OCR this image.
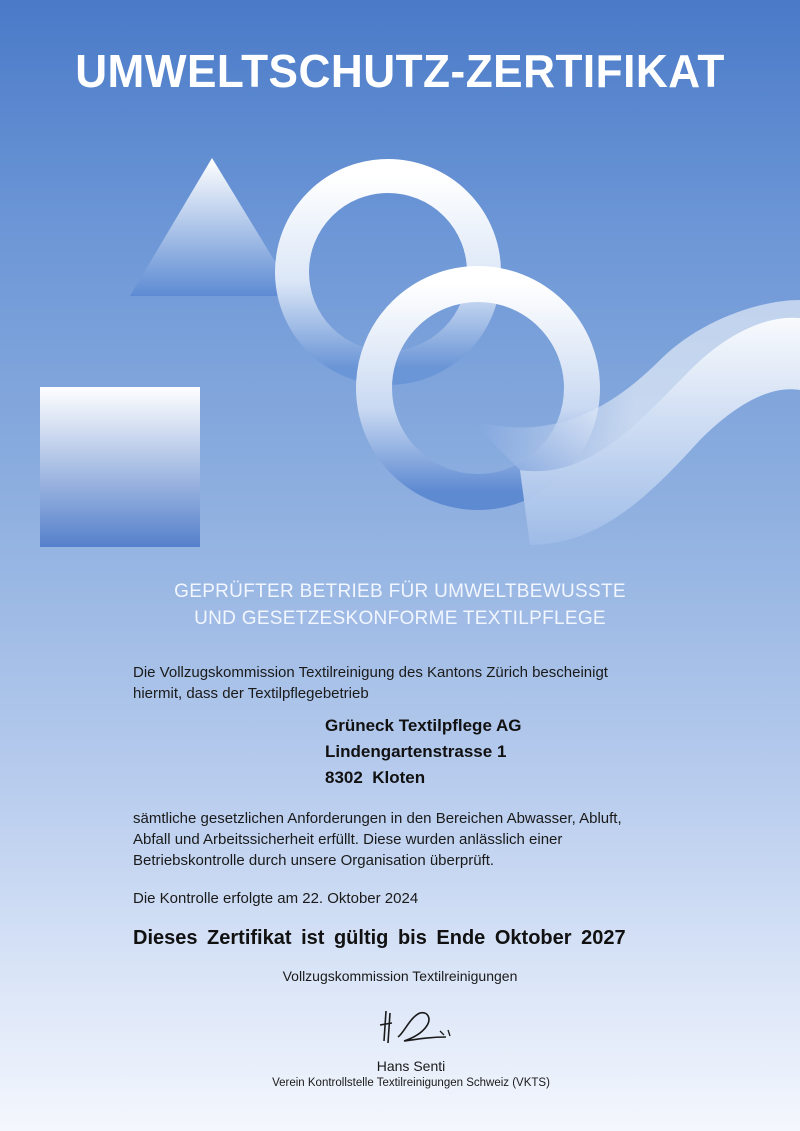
UMWELTSCHUTZ-ZERTIFIKAT
GEPRÜFTER BETRIEB FÜR UMWELTBEWUSSTE
UND GESETZESKONFORME TEXTILPFLEGE
Die Vollzugskommission Textilreinigung des Kantons Zürich bescheinigt
hiermit, dass der Textilpflegebetrieb
Grüneck Textilpflege AG
Lindengartenstrasse 1
8302  Kloten
sämtliche gesetzlichen Anforderungen in den Bereichen Abwasser, Abluft,
Abfall und Arbeitssicherheit erfüllt. Diese wurden anlässlich einer
Betriebskontrolle durch unsere Organisation überprüft.
Die Kontrolle erfolgte am 22. Oktober 2024
Dieses Zertifikat ist gültig bis Ende Oktober 2027
Vollzugskommission Textilreinigungen
Hans Senti
Verein Kontrollstelle Textilreinigungen Schweiz (VKTS)
